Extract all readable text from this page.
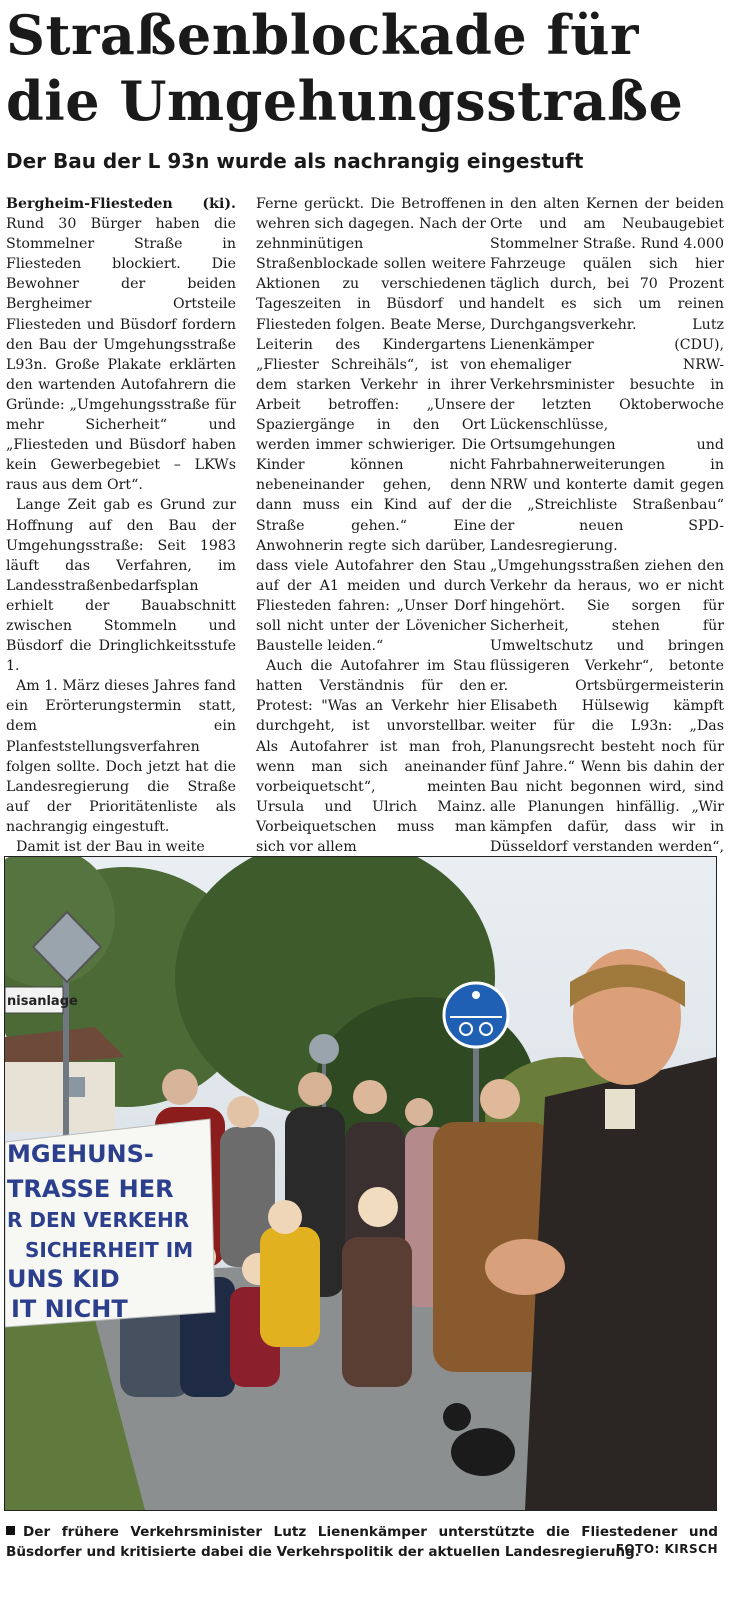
Straßenblockade für
die Umgehungsstraße
Der Bau der L 93n wurde als nachrangig eingestuft

Bergheim-Fliesteden (ki). Rund 30 Bürger haben die Stommelner Straße in Fliesteden blockiert. Die Bewohner der beiden Bergheimer Ortsteile Fliesteden und Büsdorf fordern den Bau der Umgehungsstraße L93n. Große Plakate erklärten den wartenden Autofahrern die Gründe: „Umgehungsstraße für mehr Sicherheit“ und „Fliesteden und Büsdorf haben kein Gewerbegebiet – LKWs raus aus dem Ort“.

Lange Zeit gab es Grund zur Hoffnung auf den Bau der Umgehungsstraße: Seit 1983 läuft das Verfahren, im Landesstraßenbedarfsplan erhielt der Bauabschnitt zwischen Stommeln und Büsdorf die Dringlichkeitsstufe 1.

Am 1. März dieses Jahres fand ein Erörterungstermin statt, dem ein Planfeststellungsverfahren folgen sollte. Doch jetzt hat die Landesregierung die Straße auf der Prioritätenliste als nachrangig eingestuft.

Damit ist der Bau in weite

Ferne gerückt. Die Betroffenen wehren sich dagegen. Nach der zehnminütigen Straßenblockade sollen weitere Aktionen zu verschiedenen Tageszeiten in Büsdorf und Fliesteden folgen. Beate Merse, Leiterin des Kindergartens „Fliester Schreihäls“, ist von dem starken Verkehr in ihrer Arbeit betroffen: „Unsere Spaziergänge in den Ort werden immer schwieriger. Die Kinder können nicht nebeneinander gehen, denn dann muss ein Kind auf der Straße gehen.“ Eine Anwohnerin regte sich darüber, dass viele Autofahrer den Stau auf der A1 meiden und durch Fliesteden fahren: „Unser Dorf soll nicht unter der Lövenicher Baustelle leiden.“

Auch die Autofahrer im Stau hatten Verständnis für den Protest: "Was an Verkehr hier durchgeht, ist unvorstellbar. Als Autofahrer ist man froh, wenn man sich aneinander vorbeiquetscht“, meinten Ursula und Ulrich Mainz. Vorbeiquetschen muss man sich vor allem

in den alten Kernen der beiden Orte und am Neubaugebiet Stommelner Straße. Rund 4.000 Fahrzeuge quälen sich hier täglich durch, bei 70 Prozent handelt es sich um reinen Durchgangsverkehr. Lutz Lienenkämper (CDU), ehemaliger NRW-Verkehrsminister besuchte in der letzten Oktoberwoche Lückenschlüsse, Ortsumgehungen und Fahrbahnerweiterungen in NRW und konterte damit gegen die „Streichliste Straßenbau“ der neuen SPD-Landesregierung. „Umgehungsstraßen ziehen den Verkehr da heraus, wo er nicht hingehört. Sie sorgen für Sicherheit, stehen für Umweltschutz und bringen flüssigeren Verkehr“, betonte er. Ortsbürgermeisterin Elisabeth Hülsewig kämpft weiter für die L93n: „Das Planungsrecht besteht noch für fünf Jahre.“ Wenn bis dahin der Bau nicht begonnen wird, sind alle Planungen hinfällig. „Wir kämpfen dafür, dass wir in Düsseldorf verstanden werden“,

nisanlage
MGEHUNS-
TRASSE HER
R DEN VERKEHR
SICHERHEIT IM
UNS KID
IT NICHT
Der frühere Verkehrsminister Lutz Lienenkämper unterstützte die Fliestedener und Büsdorfer und kritisierte dabei die Verkehrspolitik der aktuellen Landesregierung.
FOTO: KIRSCH
